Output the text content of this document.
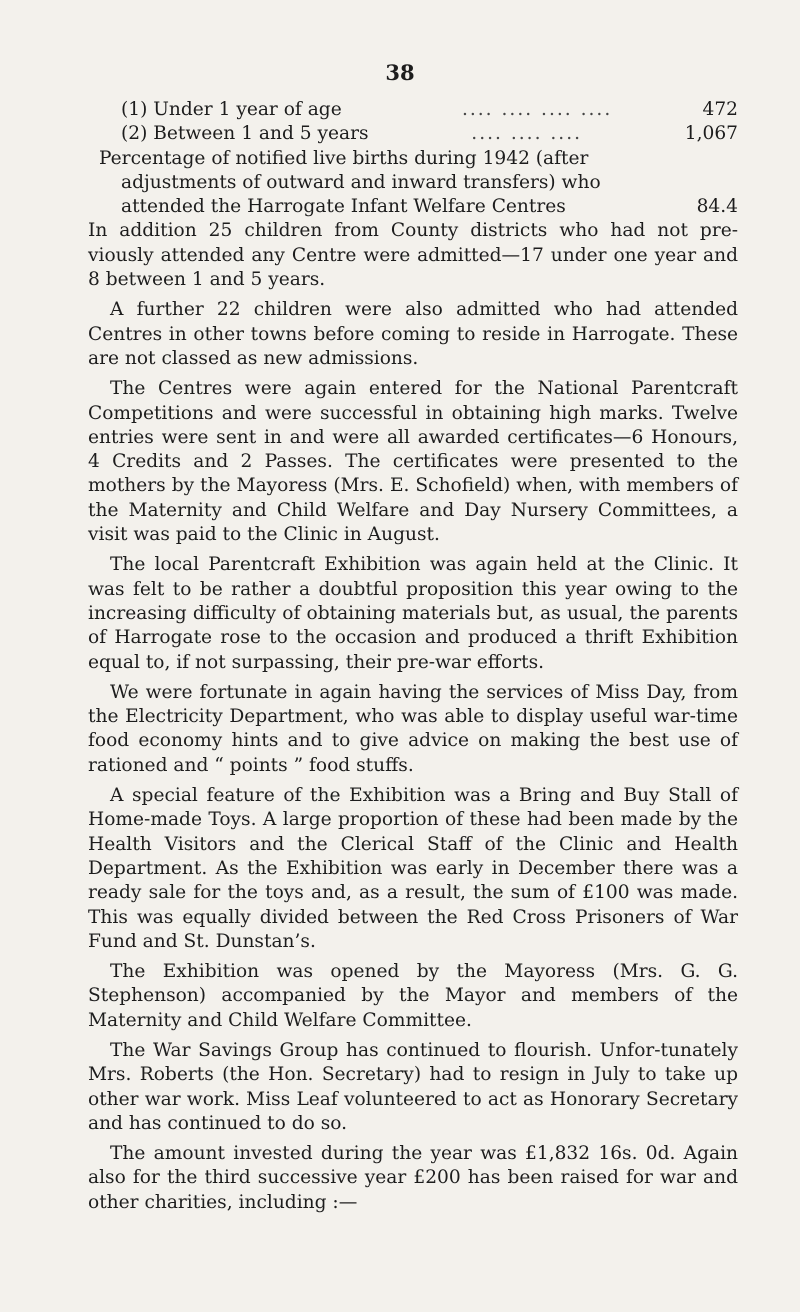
38
(1) Under 1 year of age	.... .... .... ....	472
(2) Between 1 and 5 years	.... .... ....	1,067
Percentage of notified live births during 1942 (after
adjustments of outward and inward transfers) who
attended the Harrogate Infant Welfare Centres	84.4

In addition 25 children from County districts who had not pre-viously attended any Centre were admitted—17 under one year and 8 between 1 and 5 years.

A further 22 children were also admitted who had attended Centres in other towns before coming to reside in Harrogate. These are not classed as new admissions.

The Centres were again entered for the National Parentcraft Competitions and were successful in obtaining high marks. Twelve entries were sent in and were all awarded certificates—6 Honours, 4 Credits and 2 Passes. The certificates were presented to the mothers by the Mayoress (Mrs. E. Schofield) when, with members of the Maternity and Child Welfare and Day Nursery Committees, a visit was paid to the Clinic in August.

The local Parentcraft Exhibition was again held at the Clinic. It was felt to be rather a doubtful proposition this year owing to the increasing difficulty of obtaining materials but, as usual, the parents of Harrogate rose to the occasion and produced a thrift Exhibition equal to, if not surpassing, their pre-war efforts.

We were fortunate in again having the services of Miss Day, from the Electricity Department, who was able to display useful war-time food economy hints and to give advice on making the best use of rationed and “ points ” food stuffs.

A special feature of the Exhibition was a Bring and Buy Stall of Home-made Toys. A large proportion of these had been made by the Health Visitors and the Clerical Staff of the Clinic and Health Department. As the Exhibition was early in December there was a ready sale for the toys and, as a result, the sum of £100 was made. This was equally divided between the Red Cross Prisoners of War Fund and St. Dunstan’s.

The Exhibition was opened by the Mayoress (Mrs. G. G. Stephenson) accompanied by the Mayor and members of the Maternity and Child Welfare Committee.

The War Savings Group has continued to flourish. Unfor-tunately Mrs. Roberts (the Hon. Secretary) had to resign in July to take up other war work. Miss Leaf volunteered to act as Honorary Secretary and has continued to do so.

The amount invested during the year was £1,832 16s. 0d. Again also for the third successive year £200 has been raised for war and other charities, including :—
